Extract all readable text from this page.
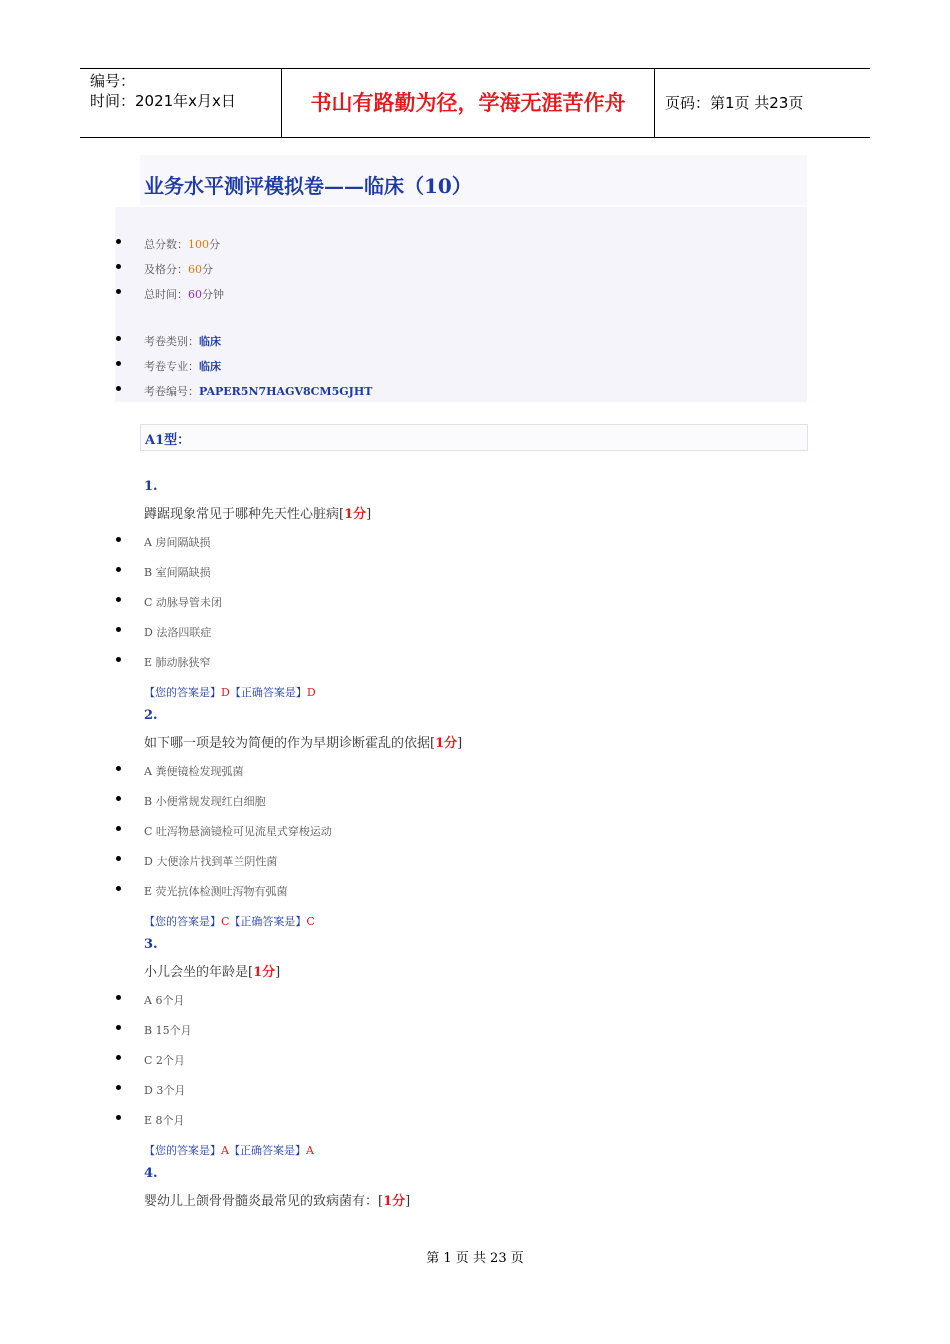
编号：
时间：2021年x月x日	书山有路勤为径，学海无涯苦作舟	页码：第1页 共23页
业务水平测评模拟卷——临床（10）
总分数：100分
及格分：60分
总时间：60分钟
考卷类别：临床
考卷专业：临床
考卷编号：PAPER5N7HAGV8CM5GJHT
A1型：
1.
蹲踞现象常见于哪种先天性心脏病[1分]
A 房间隔缺损
B 室间隔缺损
C 动脉导管未闭
D 法洛四联症
E 肺动脉狭窄
【您的答案是】D【正确答案是】D
2.
如下哪一项是较为简便的作为早期诊断霍乱的依据[1分]
A 粪便镜检发现弧菌
B 小便常规发现红白细胞
C 吐泻物悬滴镜检可见流星式穿梭运动
D 大便涂片找到革兰阴性菌
E 荧光抗体检测吐泻物有弧菌
【您的答案是】C【正确答案是】C
3.
小儿会坐的年龄是[1分]
A 6个月
B 15个月
C 2个月
D 3个月
E 8个月
【您的答案是】A【正确答案是】A
4.
婴幼儿上颌骨骨髓炎最常见的致病菌有：[1分]
第 1 页 共 23 页
